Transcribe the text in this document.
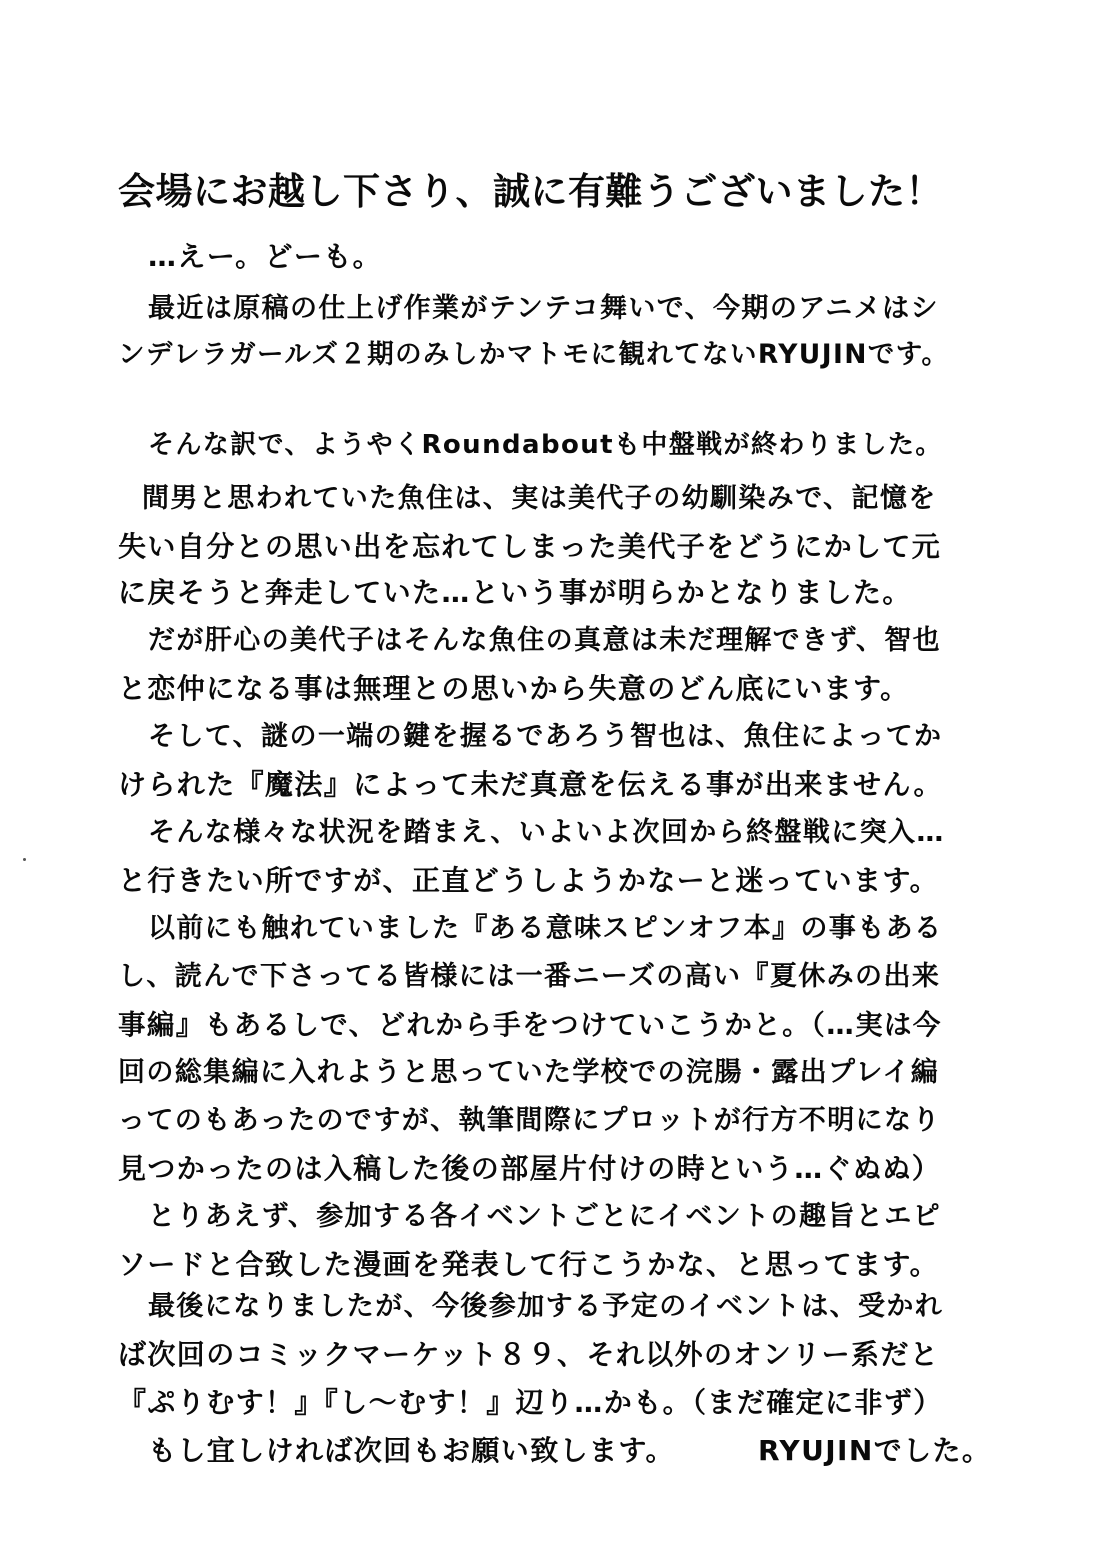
会場にお越し下さり、誠に有難うございました！
…えー。どーも。
最近は原稿の仕上げ作業がテンテコ舞いで、今期のアニメはシ
ンデレラガールズ２期のみしかマトモに観れてないRYUJINです。
そんな訳で、ようやくRoundaboutも中盤戦が終わりました。
間男と思われていた魚住は、実は美代子の幼馴染みで、記憶を
失い自分との思い出を忘れてしまった美代子をどうにかして元
に戻そうと奔走していた…という事が明らかとなりました。
だが肝心の美代子はそんな魚住の真意は未だ理解できず、智也
と恋仲になる事は無理との思いから失意のどん底にいます。
そして、謎の一端の鍵を握るであろう智也は、魚住によってか
けられた『魔法』によって未だ真意を伝える事が出来ません。
そんな様々な状況を踏まえ、いよいよ次回から終盤戦に突入…
と行きたい所ですが、正直どうしようかなーと迷っています。
以前にも触れていました『ある意味スピンオフ本』の事もある
し、読んで下さってる皆様には一番ニーズの高い『夏休みの出来
事編』もあるしで、どれから手をつけていこうかと。（…実は今
回の総集編に入れようと思っていた学校での浣腸・露出プレイ編
ってのもあったのですが、執筆間際にプロットが行方不明になり
見つかったのは入稿した後の部屋片付けの時という…ぐぬぬ）
とりあえず、参加する各イベントごとにイベントの趣旨とエピ
ソードと合致した漫画を発表して行こうかな、と思ってます。
最後になりましたが、今後参加する予定のイベントは、受かれ
ば次回のコミックマーケット８９、それ以外のオンリー系だと
『ぷりむす！』『し～むす！』辺り…かも。（まだ確定に非ず）
もし宜しければ次回もお願い致します。	RYUJINでした。
